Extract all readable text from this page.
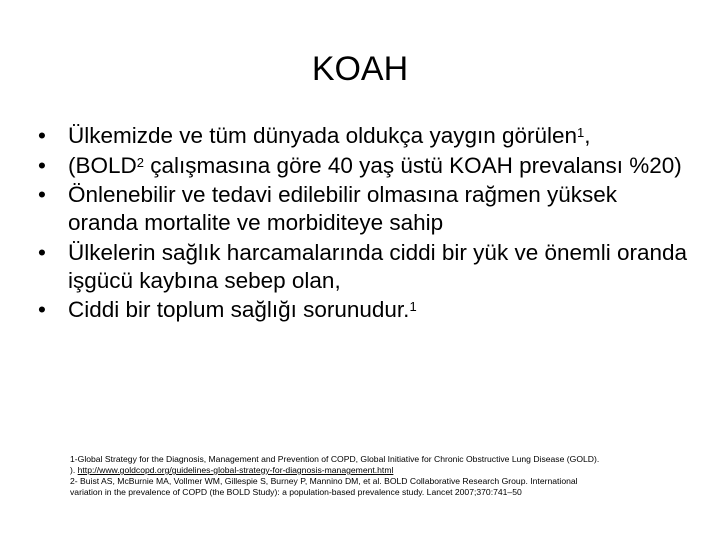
KOAH
• Ülkemizde ve tüm dünyada oldukça yaygın görülen$^1$,
• (BOLD$^2$ çalışmasına göre 40 yaş üstü KOAH prevalansı %20)
• Önlenebilir ve tedavi edilebilir olmasına rağmen yüksek oranda mortalite ve morbiditeye sahip
• Ülkelerin sağlık harcamalarında ciddi bir yük ve önemli oranda işgücü kaybına sebep olan,
• Ciddi bir toplum sağlığı sorunudur.$^1$
1-Global Strategy for the Diagnosis, Management and Prevention of COPD, Global Initiative for Chronic Obstructive Lung Disease (GOLD).
). http://www.goldcopd.org/guidelines-global-strategy-for-diagnosis-management.html
2- Buist AS, McBurnie MA, Vollmer WM, Gillespie S, Burney P, Mannino DM, et al. BOLD Collaborative Research Group. International
variation in the prevalence of COPD (the BOLD Study): a population-based prevalence study. Lancet 2007;370:741–50
